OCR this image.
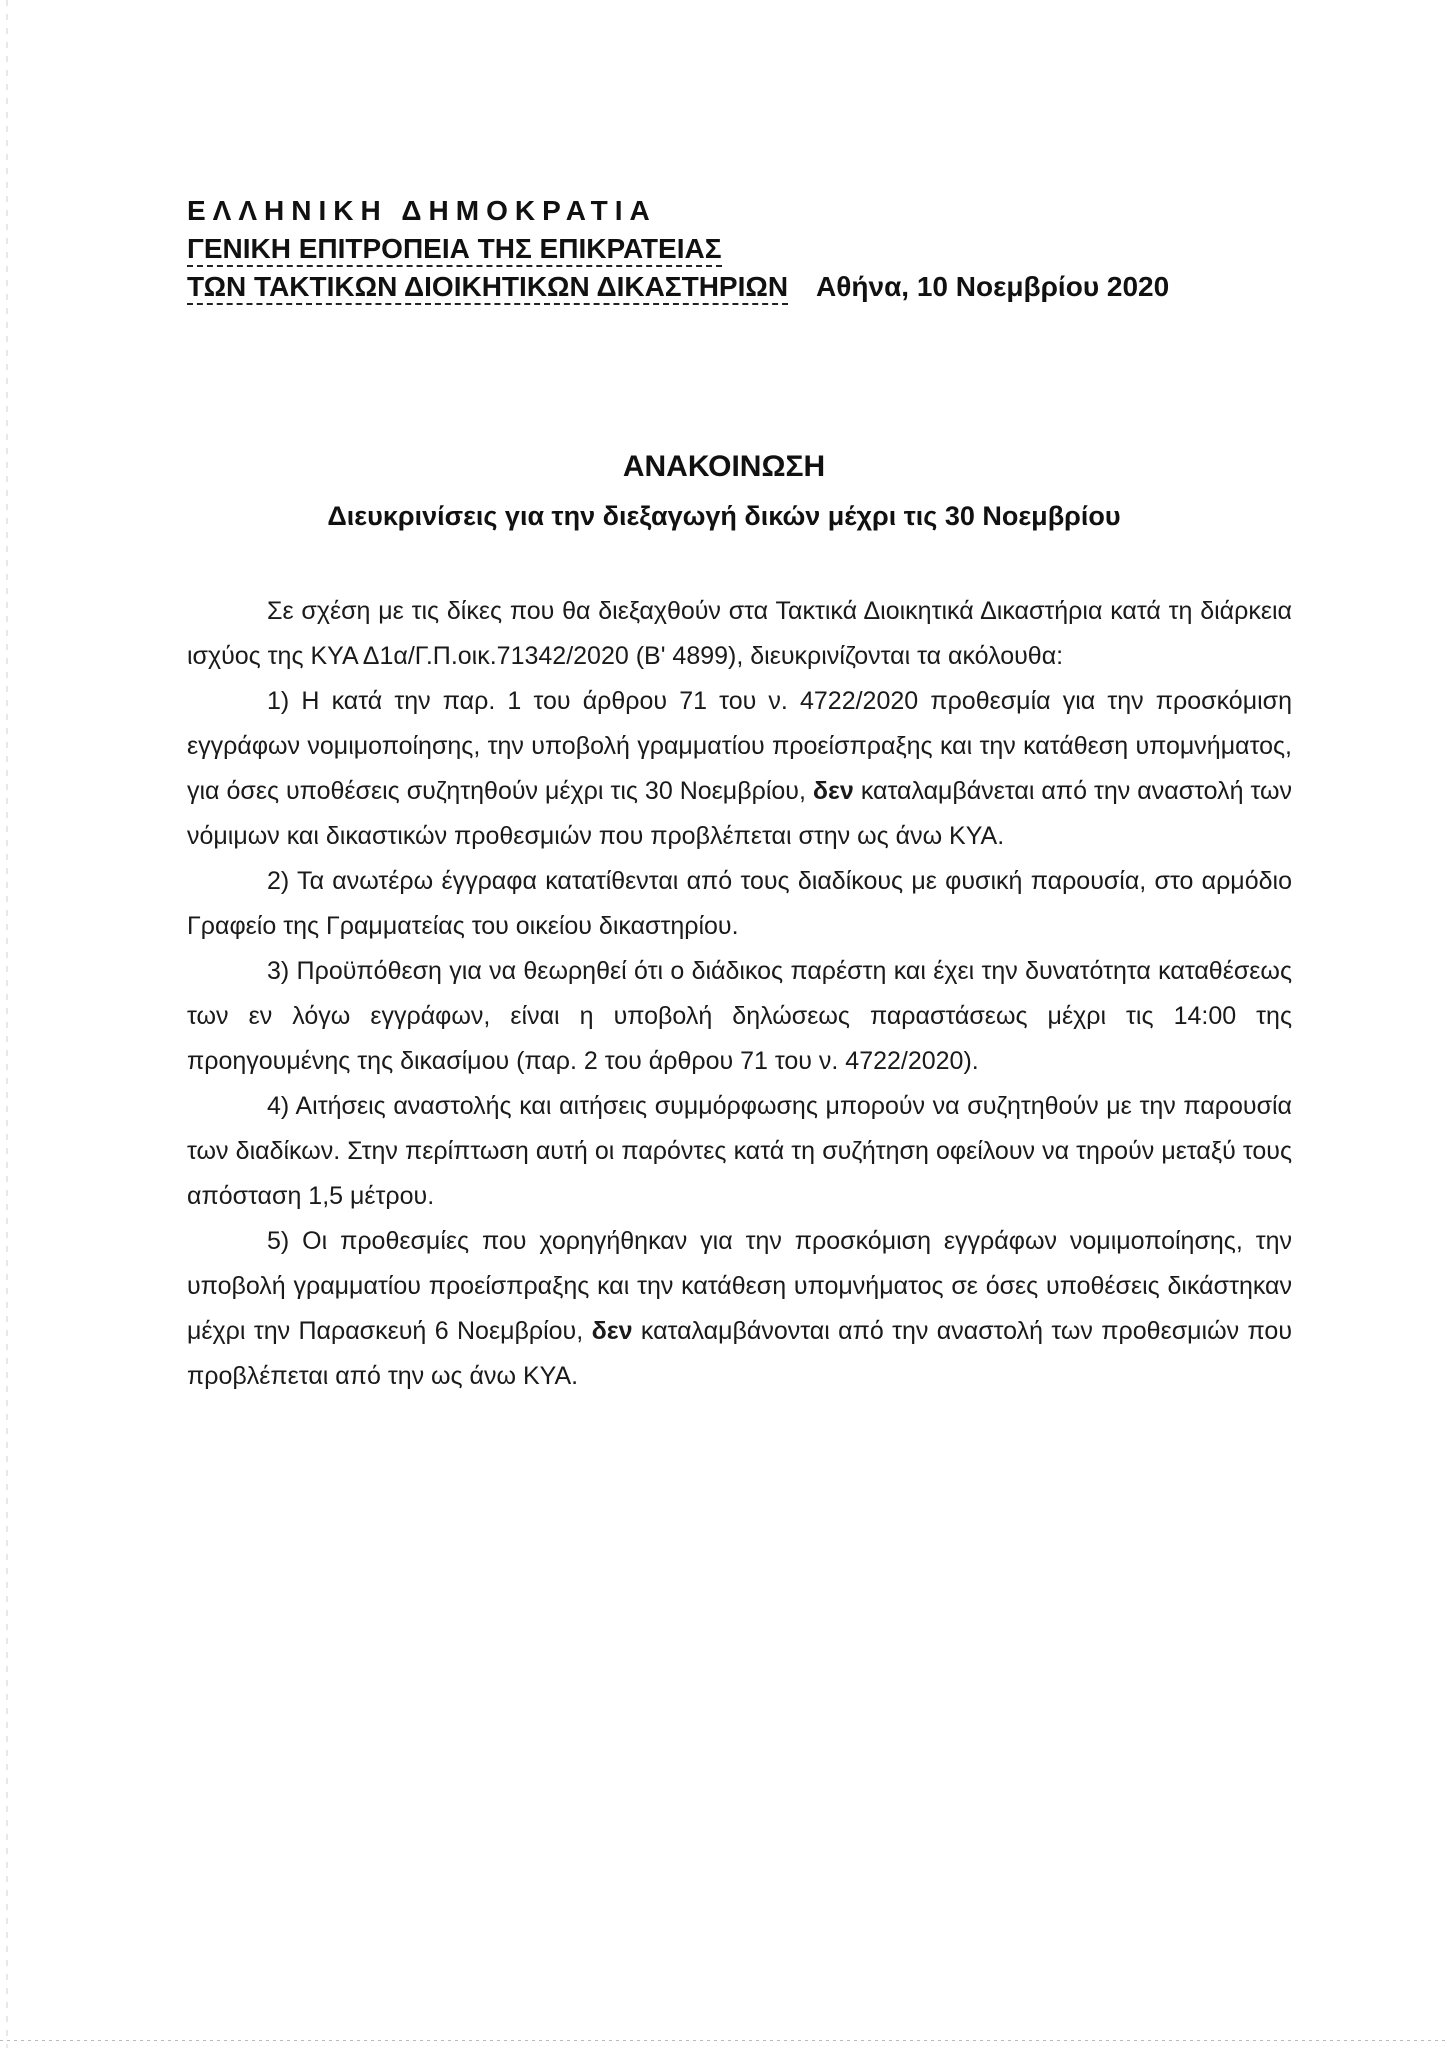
ΕΛΛΗΝΙΚΗ ΔΗΜΟΚΡΑΤΙΑ
ΓΕΝΙΚΗ ΕΠΙΤΡΟΠΕΙΑ ΤΗΣ ΕΠΙΚΡΑΤΕΙΑΣ
ΤΩΝ ΤΑΚΤΙΚΩΝ ΔΙΟΙΚΗΤΙΚΩΝ ΔΙΚΑΣΤΗΡΙΩΝ Αθήνα, 10 Νοεμβρίου 2020
ΑΝΑΚΟΙΝΩΣΗ
Διευκρινίσεις για την διεξαγωγή δικών μέχρι τις 30 Νοεμβρίου

Σε σχέση με τις δίκες που θα διεξαχθούν στα Τακτικά Διοικητικά Δικαστήρια κατά τη διάρκεια ισχύος της ΚΥΑ Δ1α/Γ.Π.οικ.71342/2020 (Β' 4899), διευκρινίζονται τα ακόλουθα:

1) Η κατά την παρ. 1 του άρθρου 71 του ν. 4722/2020 προθεσμία για την προσκόμιση εγγράφων νομιμοποίησης, την υποβολή γραμματίου προείσπραξης και την κατάθεση υπομνήματος, για όσες υποθέσεις συζητηθούν μέχρι τις 30 Νοεμβρίου, δεν καταλαμβάνεται από την αναστολή των νόμιμων και δικαστικών προθεσμιών που προβλέπεται στην ως άνω ΚΥΑ.

2) Τα ανωτέρω έγγραφα κατατίθενται από τους διαδίκους με φυσική παρουσία, στο αρμόδιο Γραφείο της Γραμματείας του οικείου δικαστηρίου.

3) Προϋπόθεση για να θεωρηθεί ότι ο διάδικος παρέστη και έχει την δυνατότητα καταθέσεως των εν λόγω εγγράφων, είναι η υποβολή δηλώσεως παραστάσεως μέχρι τις 14:00 της προηγουμένης της δικασίμου (παρ. 2 του άρθρου 71 του ν. 4722/2020).

4) Αιτήσεις αναστολής και αιτήσεις συμμόρφωσης μπορούν να συζητηθούν με την παρουσία των διαδίκων. Στην περίπτωση αυτή οι παρόντες κατά τη συζήτηση οφείλουν να τηρούν μεταξύ τους απόσταση 1,5 μέτρου.

5) Οι προθεσμίες που χορηγήθηκαν για την προσκόμιση εγγράφων νομιμοποίησης, την υποβολή γραμματίου προείσπραξης και την κατάθεση υπομνήματος σε όσες υποθέσεις δικάστηκαν μέχρι την Παρασκευή 6 Νοεμβρίου, δεν καταλαμβάνονται από την αναστολή των προθεσμιών που προβλέπεται από την ως άνω ΚΥΑ.
